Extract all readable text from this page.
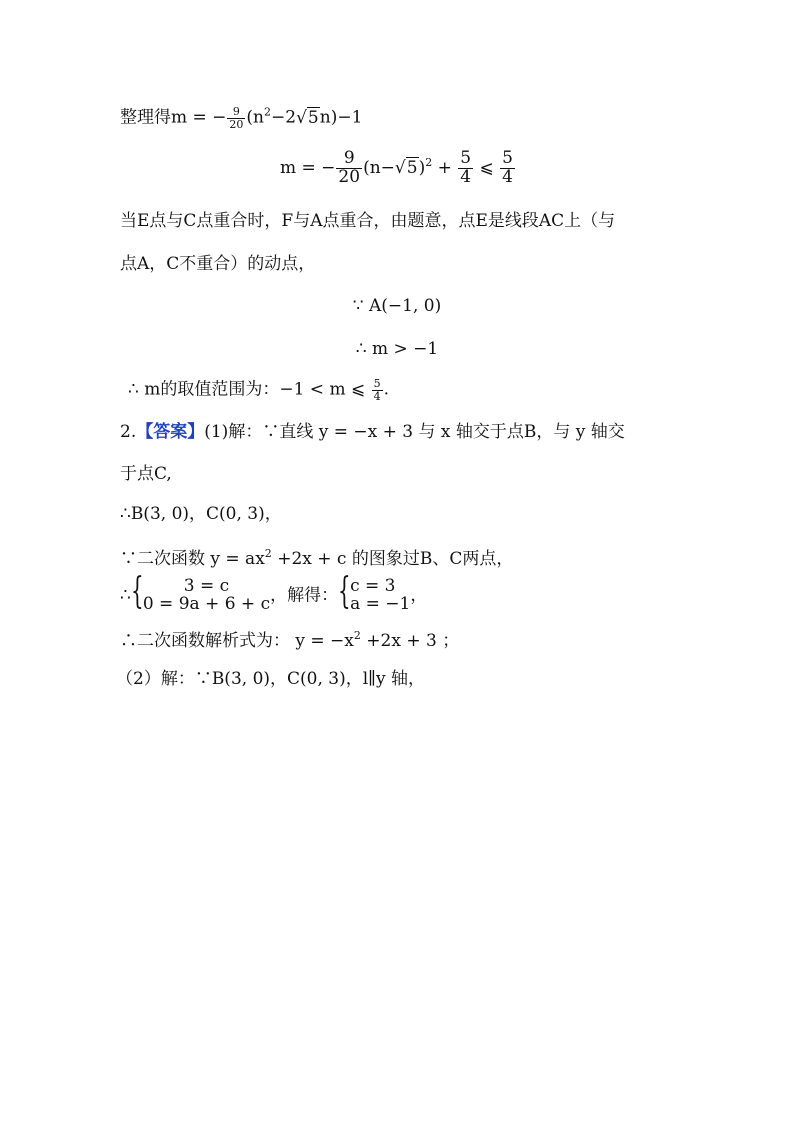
整理得m = − $\frac{9}{20} (n^2-2√5n)-1$
m = − $\frac{9}{20} (n-√5)^2 + \frac{5}{4}$ ⩽ $\frac{5}{4}$
当E点与C点重合时，F与A点重合，由题意，点E是线段AC上（与
点A，C不重合）的动点，
∵ A(−1, 0)
∴ m > −1
∴ m的取值范围为：−1 < m ⩽ $\frac{5}{4}$ .
2.【答案】(1)解：∵直线 y = −x + 3 与 x 轴交于点B，与 y 轴交
于点C,
∴B(3, 0)，C(0, 3)，
∵二次函数 $y = ax^2 +2x + c$ 的图象过B、C两点，
∴ {	3 = c
0 = 9a + 6 + c ，解得： { c = 3
a = −1 ，
∴二次函数解析式为： $y = -x^2 +2x + 3$ ；
（2）解：∵B(3, 0)，C(0, 3)，l∥y 轴，
